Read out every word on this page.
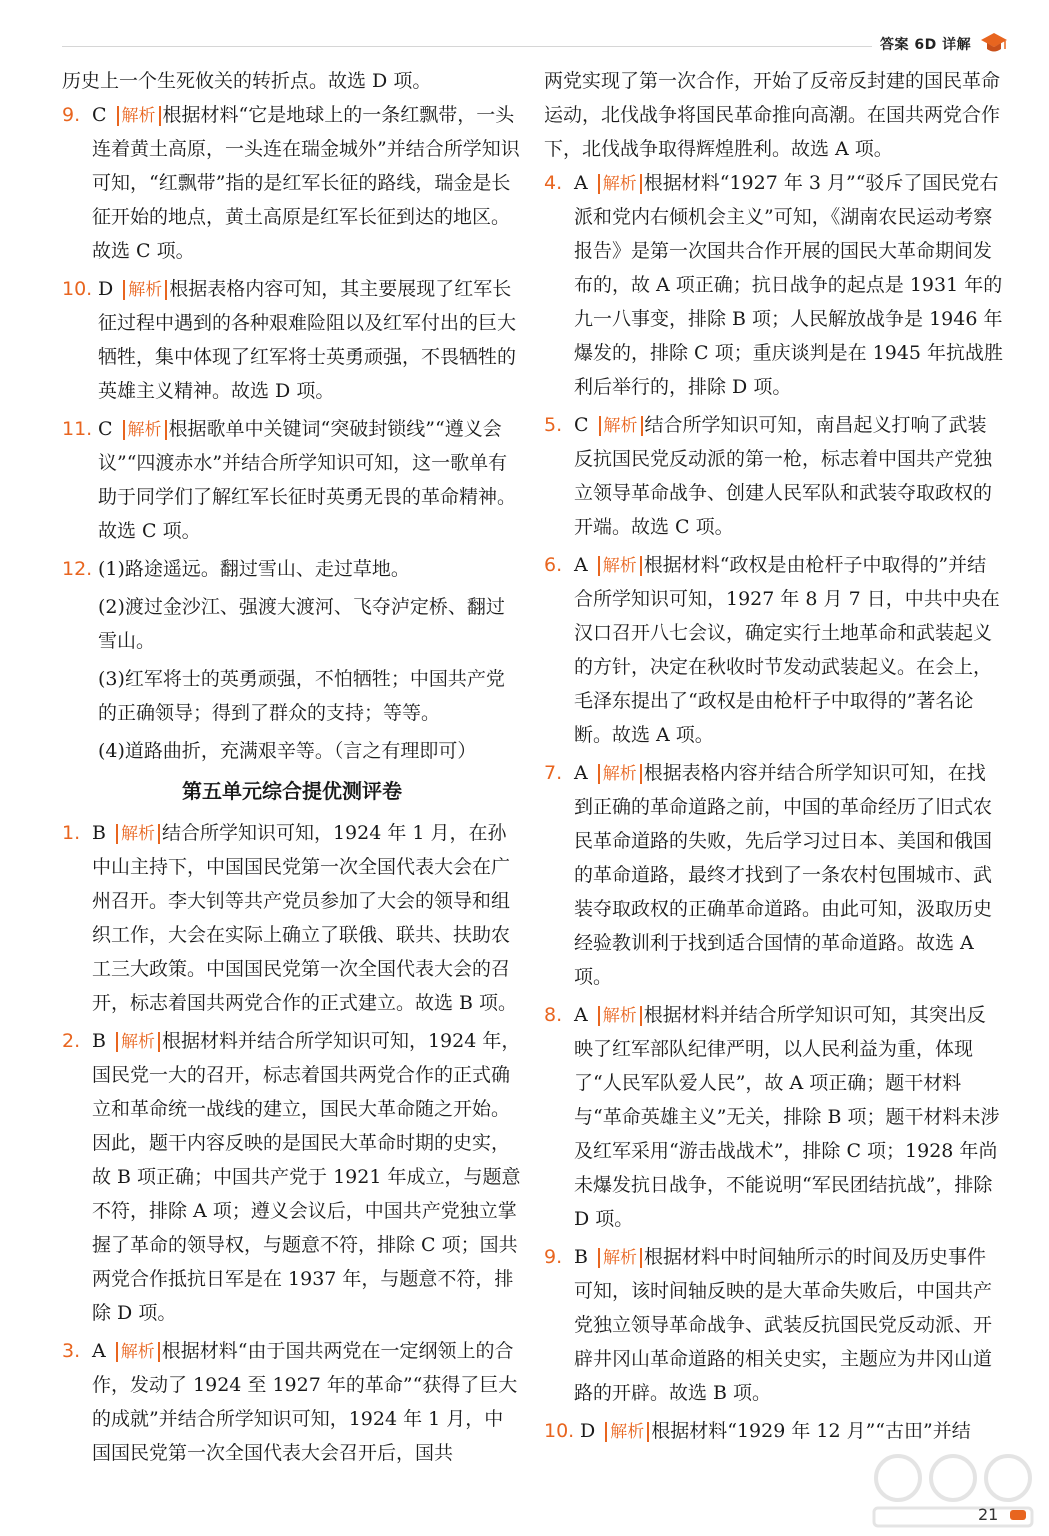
答案 6D 详解

历史上一个生死攸关的转折点。故选 D 项。

9. C 解析 根据材料“它是地球上的一条红飘带，一头连着黄土高原，一头连在瑞金城外”并结合所学知识可知，“红飘带”指的是红军长征的路线，瑞金是长征开始的地点，黄土高原是红军长征到达的地区。故选 C 项。
10. D 解析 根据表格内容可知，其主要展现了红军长征过程中遇到的各种艰难险阻以及红军付出的巨大牺牲，集中体现了红军将士英勇顽强，不畏牺牲的英雄主义精神。故选 D 项。
11. C 解析 根据歌单中关键词“突破封锁线”“遵义会议”“四渡赤水”并结合所学知识可知，这一歌单有助于同学们了解红军长征时英勇无畏的革命精神。故选 C 项。
12. (1)路途遥远。翻过雪山、走过草地。
(2)渡过金沙江、强渡大渡河、飞夺泸定桥、翻过雪山。
(3)红军将士的英勇顽强，不怕牺牲；中国共产党的正确领导；得到了群众的支持；等等。
(4)道路曲折，充满艰辛等。（言之有理即可）
第五单元综合提优测评卷
1. B 解析 结合所学知识可知，1924 年 1 月，在孙中山主持下，中国国民党第一次全国代表大会在广州召开。李大钊等共产党员参加了大会的领导和组织工作，大会在实际上确立了联俄、联共、扶助农工三大政策。中国国民党第一次全国代表大会的召开，标志着国共两党合作的正式建立。故选 B 项。
2. B 解析 根据材料并结合所学知识可知，1924 年，国民党一大的召开，标志着国共两党合作的正式确立和革命统一战线的建立，国民大革命随之开始。因此，题干内容反映的是国民大革命时期的史实，故 B 项正确；中国共产党于 1921 年成立，与题意不符，排除 A 项；遵义会议后，中国共产党独立掌握了革命的领导权，与题意不符，排除 C 项；国共两党合作抵抗日军是在 1937 年，与题意不符，排除 D 项。
3. A 解析 根据材料“由于国共两党在一定纲领上的合作，发动了 1924 至 1927 年的革命”“获得了巨大的成就”并结合所学知识可知，1924 年 1 月，中国国民党第一次全国代表大会召开后，国共

两党实现了第一次合作，开始了反帝反封建的国民革命运动，北伐战争将国民革命推向高潮。在国共两党合作下，北伐战争取得辉煌胜利。故选 A 项。

4. A 解析 根据材料“1927 年 3 月”“驳斥了国民党右派和党内右倾机会主义”可知，《湖南农民运动考察报告》是第一次国共合作开展的国民大革命期间发布的，故 A 项正确；抗日战争的起点是 1931 年的九一八事变，排除 B 项；人民解放战争是 1946 年爆发的，排除 C 项；重庆谈判是在 1945 年抗战胜利后举行的，排除 D 项。
5. C 解析 结合所学知识可知，南昌起义打响了武装反抗国民党反动派的第一枪，标志着中国共产党独立领导革命战争、创建人民军队和武装夺取政权的开端。故选 C 项。
6. A 解析 根据材料“政权是由枪杆子中取得的”并结合所学知识可知，1927 年 8 月 7 日，中共中央在汉口召开八七会议，确定实行土地革命和武装起义的方针，决定在秋收时节发动武装起义。在会上，毛泽东提出了“政权是由枪杆子中取得的”著名论断。故选 A 项。
7. A 解析 根据表格内容并结合所学知识可知，在找到正确的革命道路之前，中国的革命经历了旧式农民革命道路的失败，先后学习过日本、美国和俄国的革命道路，最终才找到了一条农村包围城市、武装夺取政权的正确革命道路。由此可知，汲取历史经验教训利于找到适合国情的革命道路。故选 A 项。
8. A 解析 根据材料并结合所学知识可知，其突出反映了红军部队纪律严明，以人民利益为重，体现了“人民军队爱人民”，故 A 项正确；题干材料与“革命英雄主义”无关，排除 B 项；题干材料未涉及红军采用“游击战战术”，排除 C 项；1928 年尚未爆发抗日战争，不能说明“军民团结抗战”，排除 D 项。
9. B 解析 根据材料中时间轴所示的时间及历史事件可知，该时间轴反映的是大革命失败后，中国共产党独立领导革命战争、武装反抗国民党反动派、开辟井冈山革命道路的相关史实，主题应为井冈山道路的开辟。故选 B 项。
10. D 解析 根据材料“1929 年 12 月”“古田”并结
21
